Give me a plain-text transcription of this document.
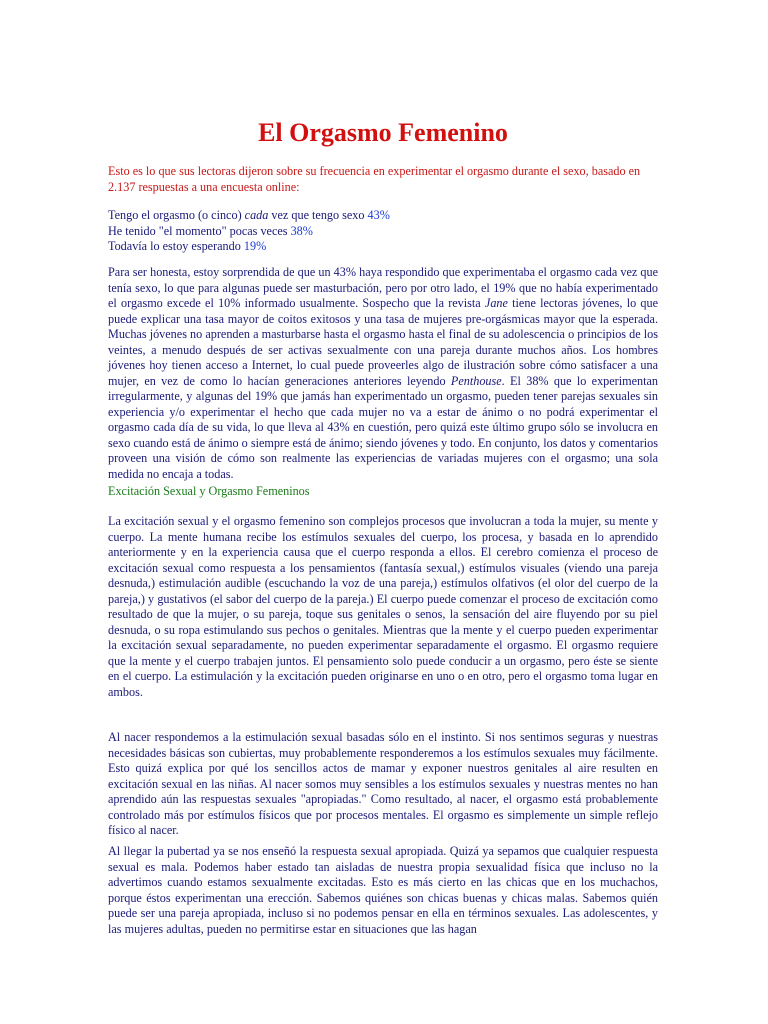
El Orgasmo Femenino

Esto es lo que sus lectoras dijeron sobre su frecuencia en experimentar el orgasmo durante el sexo, basado en 2.137 respuestas a una encuesta online:

Tengo el orgasmo (o cinco) cada vez que tengo sexo 43%
He tenido "el momento" pocas veces 38%
Todavía lo estoy esperando 19%

Para ser honesta, estoy sorprendida de que un 43% haya respondido que experimentaba el orgasmo cada vez que tenía sexo, lo que para algunas puede ser masturbación, pero por otro lado, el 19% que no había experimentado el orgasmo excede el 10% informado usualmente. Sospecho que la revista Jane tiene lectoras jóvenes, lo que puede explicar una tasa mayor de coitos exitosos y una tasa de mujeres pre-orgásmicas mayor que la esperada. Muchas jóvenes no aprenden a masturbarse hasta el orgasmo hasta el final de su adolescencia o principios de los veintes, a menudo después de ser activas sexualmente con una pareja durante muchos años. Los hombres jóvenes hoy tienen acceso a Internet, lo cual puede proveerles algo de ilustración sobre cómo satisfacer a una mujer, en vez de como lo hacían generaciones anteriores leyendo Penthouse. El 38% que lo experimentan irregularmente, y algunas del 19% que jamás han experimentado un orgasmo, pueden tener parejas sexuales sin experiencia y/o experimentar el hecho que cada mujer no va a estar de ánimo o no podrá experimentar el orgasmo cada día de su vida, lo que lleva al 43% en cuestión, pero quizá este último grupo sólo se involucra en sexo cuando está de ánimo o siempre está de ánimo; siendo jóvenes y todo. En conjunto, los datos y comentarios proveen una visión de cómo son realmente las experiencias de variadas mujeres con el orgasmo; una sola medida no encaja a todas.

Excitación Sexual y Orgasmo Femeninos

La excitación sexual y el orgasmo femenino son complejos procesos que involucran a toda la mujer, su mente y cuerpo. La mente humana recibe los estímulos sexuales del cuerpo, los procesa, y basada en lo aprendido anteriormente y en la experiencia causa que el cuerpo responda a ellos. El cerebro comienza el proceso de excitación sexual como respuesta a los pensamientos (fantasía sexual,) estímulos visuales (viendo una pareja desnuda,) estimulación audible (escuchando la voz de una pareja,) estímulos olfativos (el olor del cuerpo de la pareja,) y gustativos (el sabor del cuerpo de la pareja.) El cuerpo puede comenzar el proceso de excitación como resultado de que la mujer, o su pareja, toque sus genitales o senos, la sensación del aire fluyendo por su piel desnuda, o su ropa estimulando sus pechos o genitales. Mientras que la mente y el cuerpo pueden experimentar la excitación sexual separadamente, no pueden experimentar separadamente el orgasmo. El orgasmo requiere que la mente y el cuerpo trabajen juntos. El pensamiento solo puede conducir a un orgasmo, pero éste se siente en el cuerpo. La estimulación y la excitación pueden originarse en uno o en otro, pero el orgasmo toma lugar en ambos.

Al nacer respondemos a la estimulación sexual basadas sólo en el instinto. Si nos sentimos seguras y nuestras necesidades básicas son cubiertas, muy probablemente responderemos a los estímulos sexuales muy fácilmente. Esto quizá explica por qué los sencillos actos de mamar y exponer nuestros genitales al aire resulten en excitación sexual en las niñas. Al nacer somos muy sensibles a los estímulos sexuales y nuestras mentes no han aprendido aún las respuestas sexuales "apropiadas." Como resultado, al nacer, el orgasmo está probablemente controlado más por estímulos físicos que por procesos mentales. El orgasmo es simplemente un simple reflejo físico al nacer.

Al llegar la pubertad ya se nos enseñó la respuesta sexual apropiada. Quizá ya sepamos que cualquier respuesta sexual es mala. Podemos haber estado tan aisladas de nuestra propia sexualidad física que incluso no la advertimos cuando estamos sexualmente excitadas. Esto es más cierto en las chicas que en los muchachos, porque éstos experimentan una erección. Sabemos quiénes son chicas buenas y chicas malas. Sabemos quién puede ser una pareja apropiada, incluso si no podemos pensar en ella en términos sexuales. Las adolescentes, y las mujeres adultas, pueden no permitirse estar en situaciones que las hagan
